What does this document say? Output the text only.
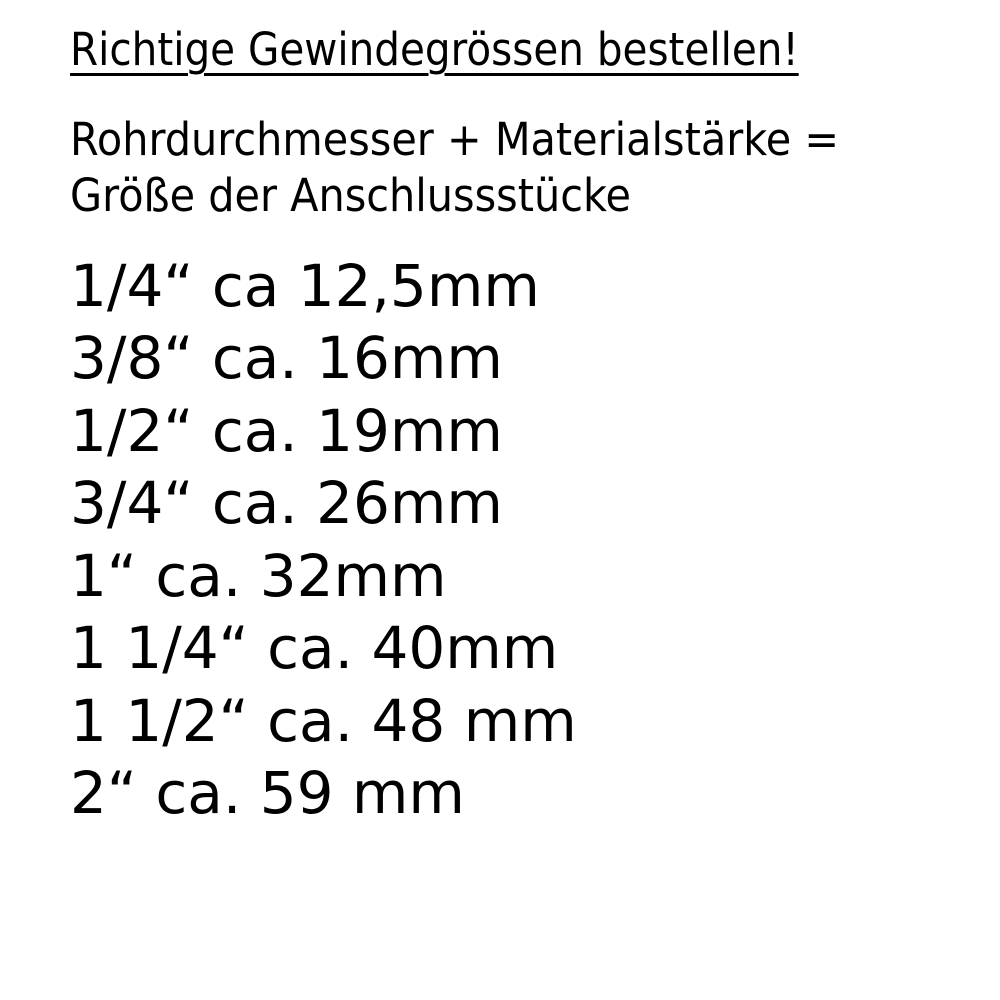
Richtige Gewindegrössen bestellen!
Rohrdurchmesser + Materialstärke =
Größe der Anschlussstücke
1/4“ ca 12,5mm
3/8“ ca. 16mm
1/2“ ca. 19mm
3/4“ ca. 26mm
1“ ca. 32mm
1 1/4“ ca. 40mm
1 1/2“ ca. 48 mm
2“ ca. 59 mm
